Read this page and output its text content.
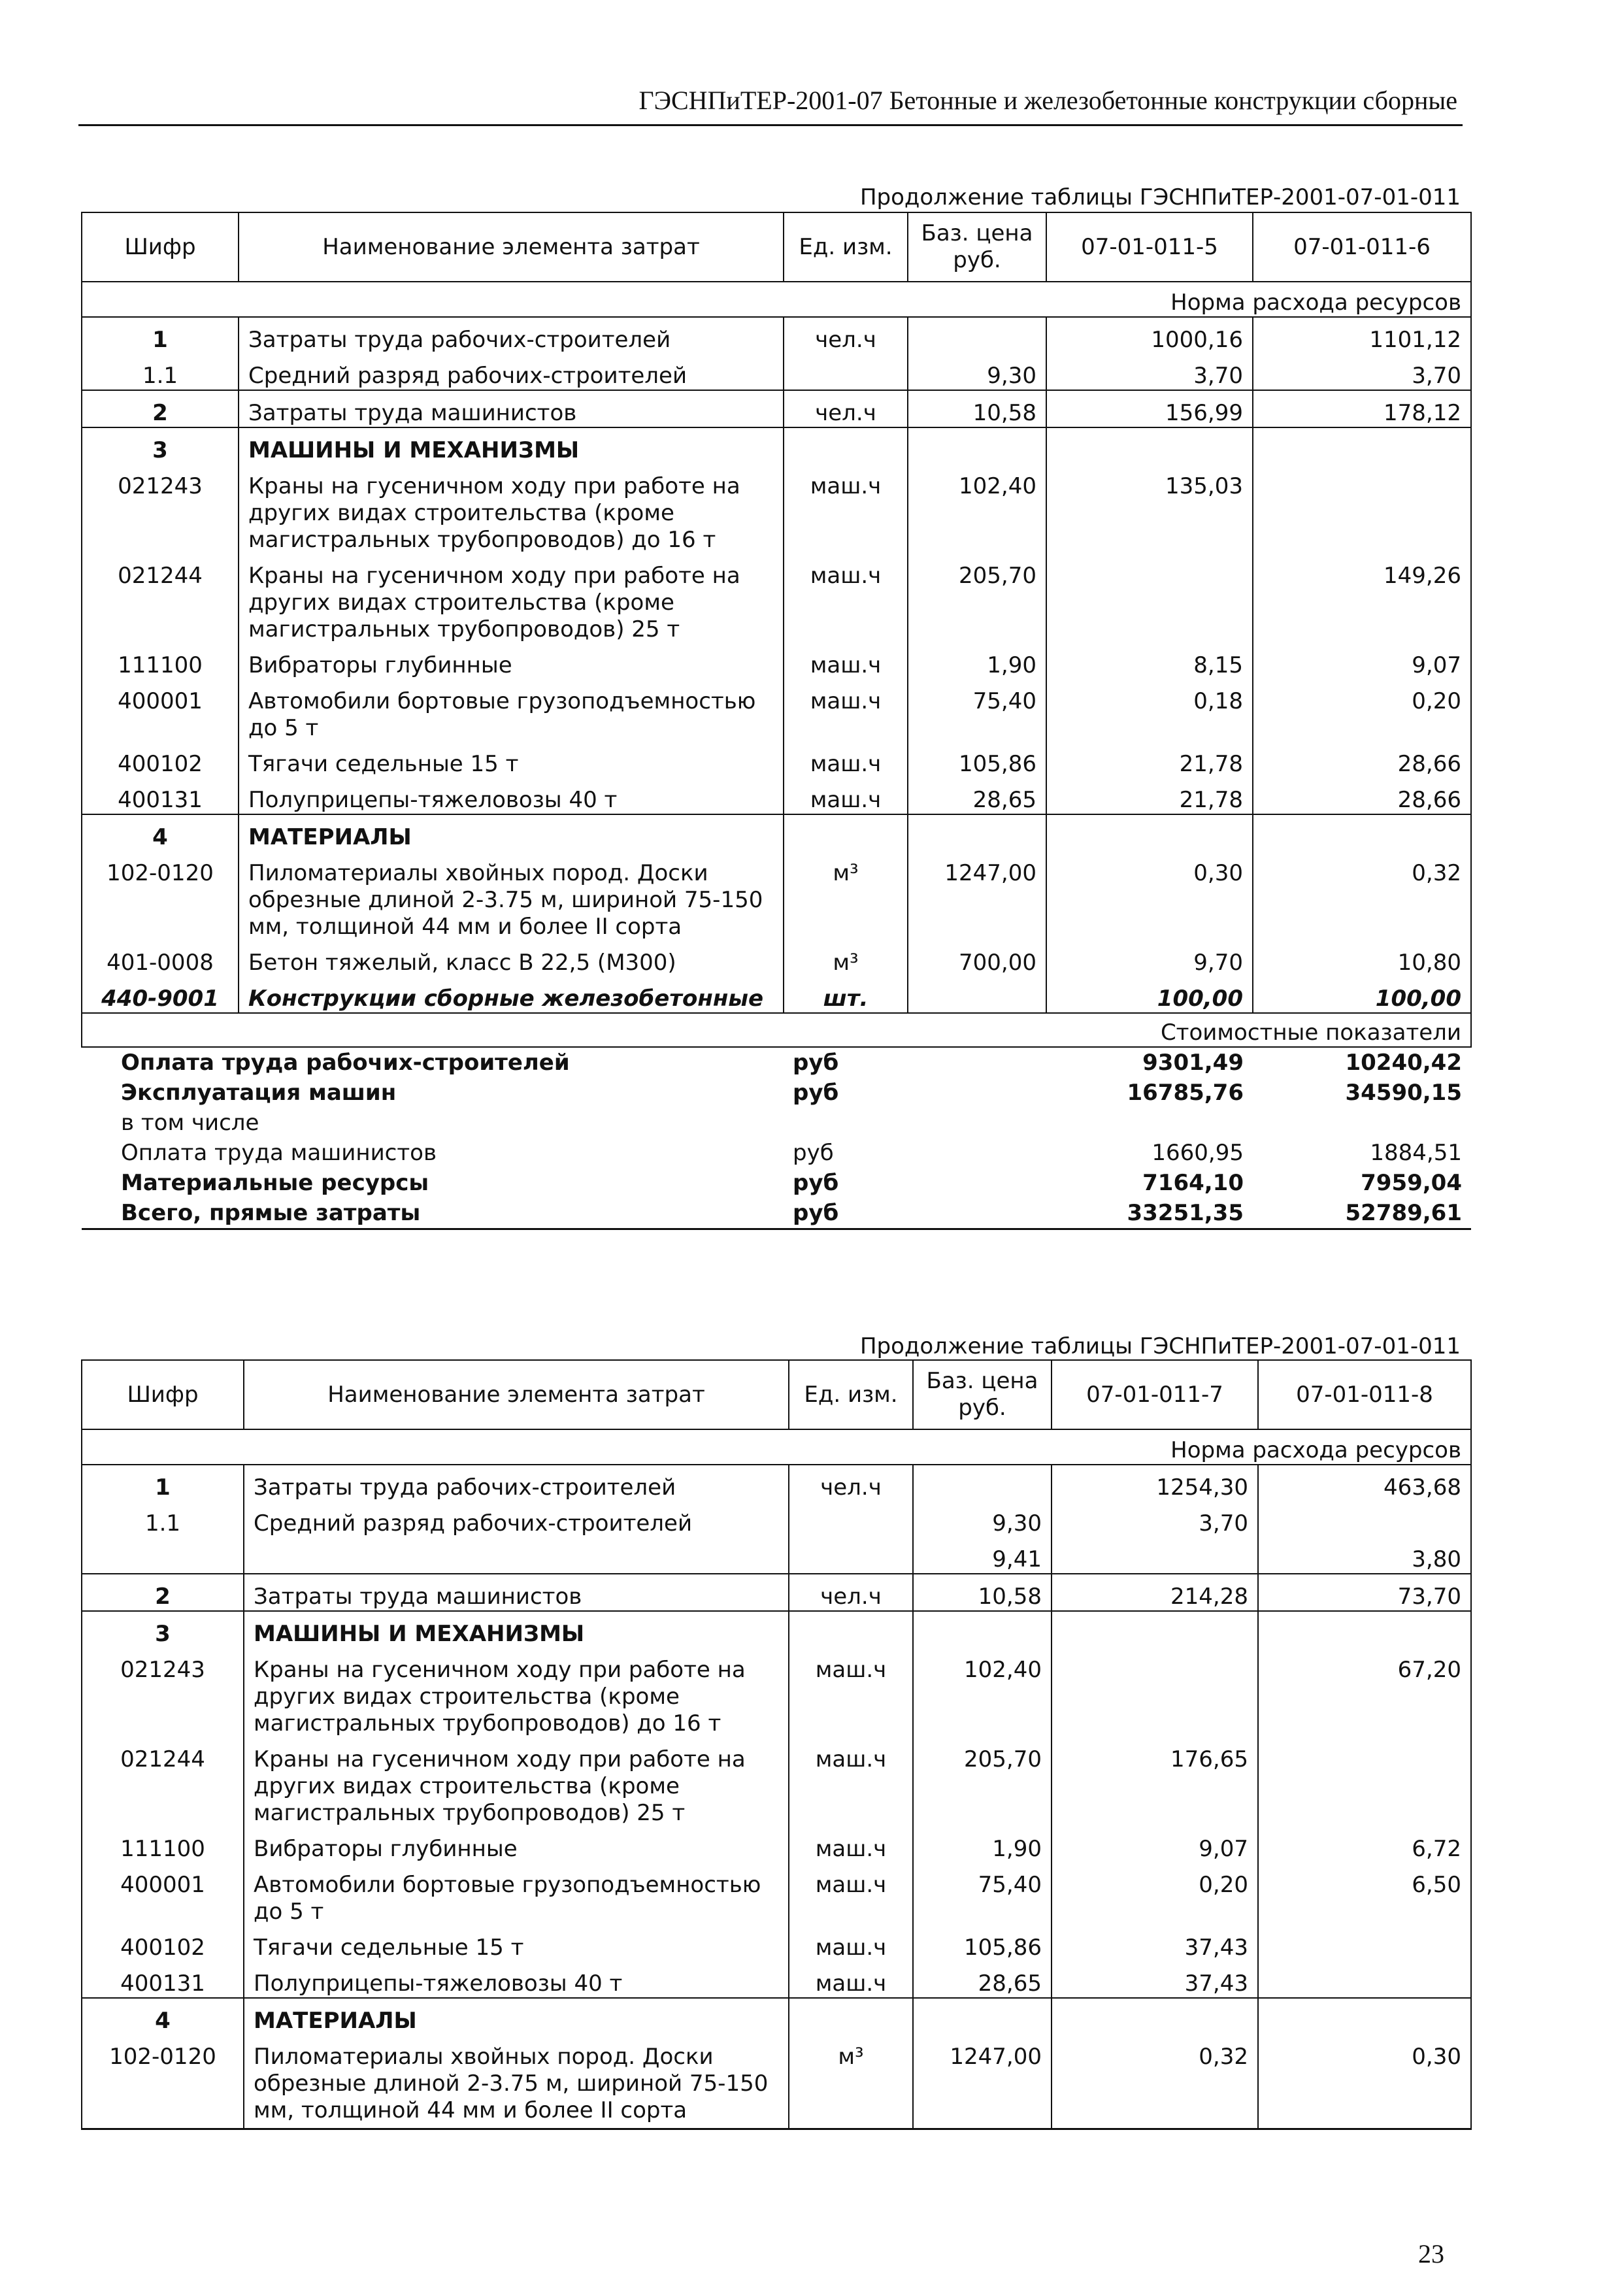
ГЭСНПиТЕР-2001-07 Бетонные и железобетонные конструкции сборные
Продолжение таблицы ГЭСНПиТЕР-2001-07-01-011
Шифр	Наименование элемента затрат	Ед. изм.	Баз. цена руб.	07-01-011-5	07-01-011-6
Норма расхода ресурсов					
1	Затраты труда рабочих-строителей	чел.ч		1000,16	1101,12
1.1	Средний разряд рабочих-строителей		9,30	3,70	3,70
2	Затраты труда машинистов	чел.ч	10,58	156,99	178,12
3	МАШИНЫ И МЕХАНИЗМЫ				
021243	Краны на гусеничном ходу при работе на других видах строительства (кроме магистральных трубопроводов) до 16 т	маш.ч	102,40	135,03	
021244	Краны на гусеничном ходу при работе на других видах строительства (кроме магистральных трубопроводов) 25 т	маш.ч	205,70		149,26
111100	Вибраторы глубинные	маш.ч	1,90	8,15	9,07
400001	Автомобили бортовые грузоподъемностью до 5 т	маш.ч	75,40	0,18	0,20
400102	Тягачи седельные 15 т	маш.ч	105,86	21,78	28,66
400131	Полуприцепы-тяжеловозы 40 т	маш.ч	28,65	21,78	28,66
4	МАТЕРИАЛЫ				
102-0120	Пиломатериалы хвойных пород. Доски обрезные длиной 2-3.75 м, шириной 75-150 мм, толщиной 44 мм и более II сорта	м³	1247,00	0,30	0,32
401-0008	Бетон тяжелый, класс В 22,5 (М300)	м³	700,00	9,70	10,80
440-9001	Конструкции сборные железобетонные	шт.		100,00	100,00
Стоимостные показатели					
Оплата труда рабочих-строителей		руб		9301,49	10240,42
Эксплуатация машин		руб		16785,76	34590,15
в том числе					
Оплата труда машинистов		руб		1660,95	1884,51
Материальные ресурсы		руб		7164,10	7959,04
Всего, прямые затраты		руб		33251,35	52789,61
Продолжение таблицы ГЭСНПиТЕР-2001-07-01-011
Шифр	Наименование элемента затрат	Ед. изм.	Баз. цена руб.	07-01-011-7	07-01-011-8
Норма расхода ресурсов					
1	Затраты труда рабочих-строителей	чел.ч		1254,30	463,68
1.1	Средний разряд рабочих-строителей		9,30	3,70	
			9,41		3,80
2	Затраты труда машинистов	чел.ч	10,58	214,28	73,70
3	МАШИНЫ И МЕХАНИЗМЫ				
021243	Краны на гусеничном ходу при работе на других видах строительства (кроме магистральных трубопроводов) до 16 т	маш.ч	102,40		67,20
021244	Краны на гусеничном ходу при работе на других видах строительства (кроме магистральных трубопроводов) 25 т	маш.ч	205,70	176,65	
111100	Вибраторы глубинные	маш.ч	1,90	9,07	6,72
400001	Автомобили бортовые грузоподъемностью до 5 т	маш.ч	75,40	0,20	6,50
400102	Тягачи седельные 15 т	маш.ч	105,86	37,43	
400131	Полуприцепы-тяжеловозы 40 т	маш.ч	28,65	37,43	
4	МАТЕРИАЛЫ				
102-0120	Пиломатериалы хвойных пород. Доски обрезные длиной 2-3.75 м, шириной 75-150 мм, толщиной 44 мм и более II сорта	м³	1247,00	0,32	0,30
23
